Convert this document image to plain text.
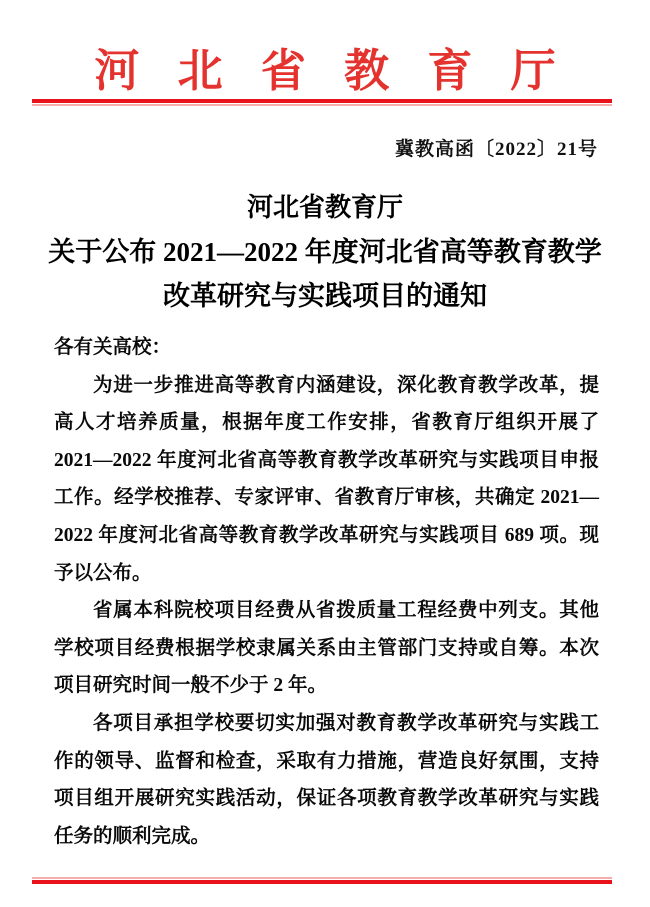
河北省教育厅
冀教高函〔2022〕21号
河北省教育厅
关于公布 2021—2022 年度河北省高等教育教学
改革研究与实践项目的通知

各有关高校：

为进一步推进高等教育内涵建设，深化教育教学改革，提高人才培养质量，根据年度工作安排，省教育厅组织开展了 2021—2022 年度河北省高等教育教学改革研究与实践项目申报工作。经学校推荐、专家评审、省教育厅审核，共确定 2021—2022 年度河北省高等教育教学改革研究与实践项目 689 项。现予以公布。

省属本科院校项目经费从省拨质量工程经费中列支。其他学校项目经费根据学校隶属关系由主管部门支持或自筹。本次项目研究时间一般不少于 2 年。

各项目承担学校要切实加强对教育教学改革研究与实践工作的领导、监督和检查，采取有力措施，营造良好氛围，支持项目组开展研究实践活动，保证各项教育教学改革研究与实践任务的顺利完成。
